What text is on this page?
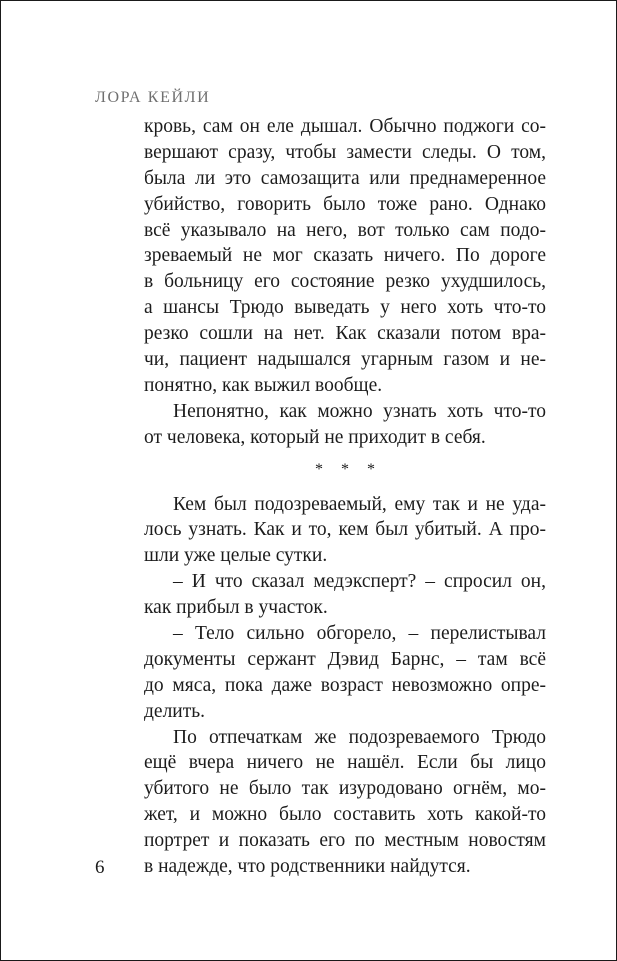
ЛОРА КЕЙЛИ
кровь, сам он еле дышал. Обычно поджоги со-
вершают сразу, чтобы замести следы. О том,
была ли это самозащита или преднамеренное
убийство, говорить было тоже рано. Однако
всё указывало на него, вот только сам подо-
зреваемый не мог сказать ничего. По дороге
в больницу его состояние резко ухудшилось,
а шансы Трюдо выведать у него хоть что-то
резко сошли на нет. Как сказали потом вра-
чи, пациент надышался угарным газом и не-
понятно, как выжил вообще.
Непонятно, как можно узнать хоть что-то
от человека, который не приходит в себя.
* * *
Кем был подозреваемый, ему так и не уда-
лось узнать. Как и то, кем был убитый. А про-
шли уже целые сутки.
– И что сказал медэксперт? – спросил он,
как прибыл в участок.
– Тело сильно обгорело, – перелистывал
документы сержант Дэвид Барнс, – там всё
до мяса, пока даже возраст невозможно опре-
делить.
По отпечаткам же подозреваемого Трюдо
ещё вчера ничего не нашёл. Если бы лицо
убитого не было так изуродовано огнём, мо-
жет, и можно было составить хоть какой-то
портрет и показать его по местным новостям
в надежде, что родственники найдутся.
6
